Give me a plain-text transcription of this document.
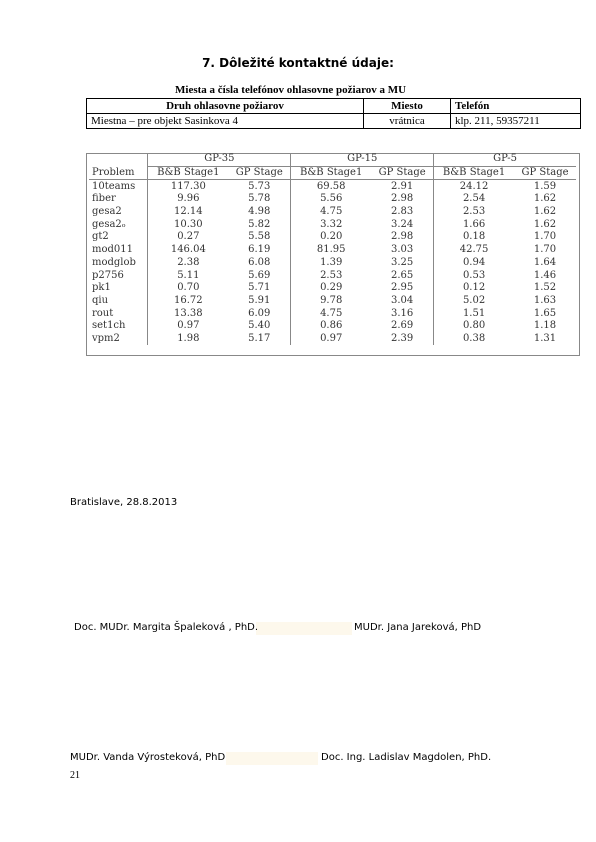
7. Dôležité kontaktné údaje:
Miesta a čísla telefónov ohlasovne požiarov a MU
Druh ohlasovne požiarov	Miesto	Telefón
Miestna – pre objekt Sasinkova 4	vrátnica	klp. 211, 59357211
	GP-35		GP-15		GP-5	
Problem	B&B Stage1	GP Stage	B&B Stage1	GP Stage	B&B Stage1	GP Stage
10teams	117.30	5.73	69.58	2.91	24.12	1.59
fiber	9.96	5.78	5.56	2.98	2.54	1.62
gesa2	12.14	4.98	4.75	2.83	2.53	1.62
gesa2ₒ	10.30	5.82	3.32	3.24	1.66	1.62
gt2	0.27	5.58	0.20	2.98	0.18	1.70
mod011	146.04	6.19	81.95	3.03	42.75	1.70
modglob	2.38	6.08	1.39	3.25	0.94	1.64
p2756	5.11	5.69	2.53	2.65	0.53	1.46
pk1	0.70	5.71	0.29	2.95	0.12	1.52
qiu	16.72	5.91	9.78	3.04	5.02	1.63
rout	13.38	6.09	4.75	3.16	1.51	1.65
set1ch	0.97	5.40	0.86	2.69	0.80	1.18
vpm2	1.98	5.17	0.97	2.39	0.38	1.31
Bratislave, 28.8.2013
Doc. MUDr. Margita Špaleková , PhD.	MUDr. Jana Jareková, PhD
MUDr. Vanda Výrosteková, PhD	Doc. Ing. Ladislav Magdolen, PhD.
21
